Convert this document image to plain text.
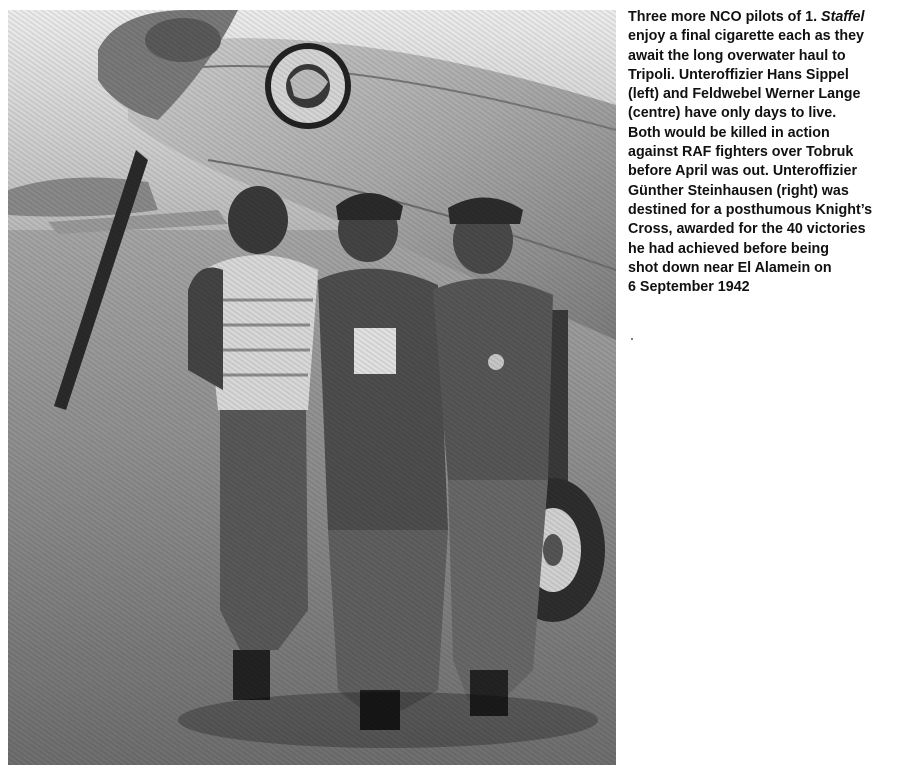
Three more NCO pilots of 1. Staffel
enjoy a final cigarette each as they
await the long overwater haul to
Tripoli. Unteroffizier Hans Sippel
(left) and Feldwebel Werner Lange
(centre) have only days to live.
Both would be killed in action
against RAF fighters over Tobruk
before April was out. Unteroffizier
Günther Steinhausen (right) was
destined for a posthumous Knight’s
Cross, awarded for the 40 victories
he had achieved before being
shot down near El Alamein on
6 September 1942
